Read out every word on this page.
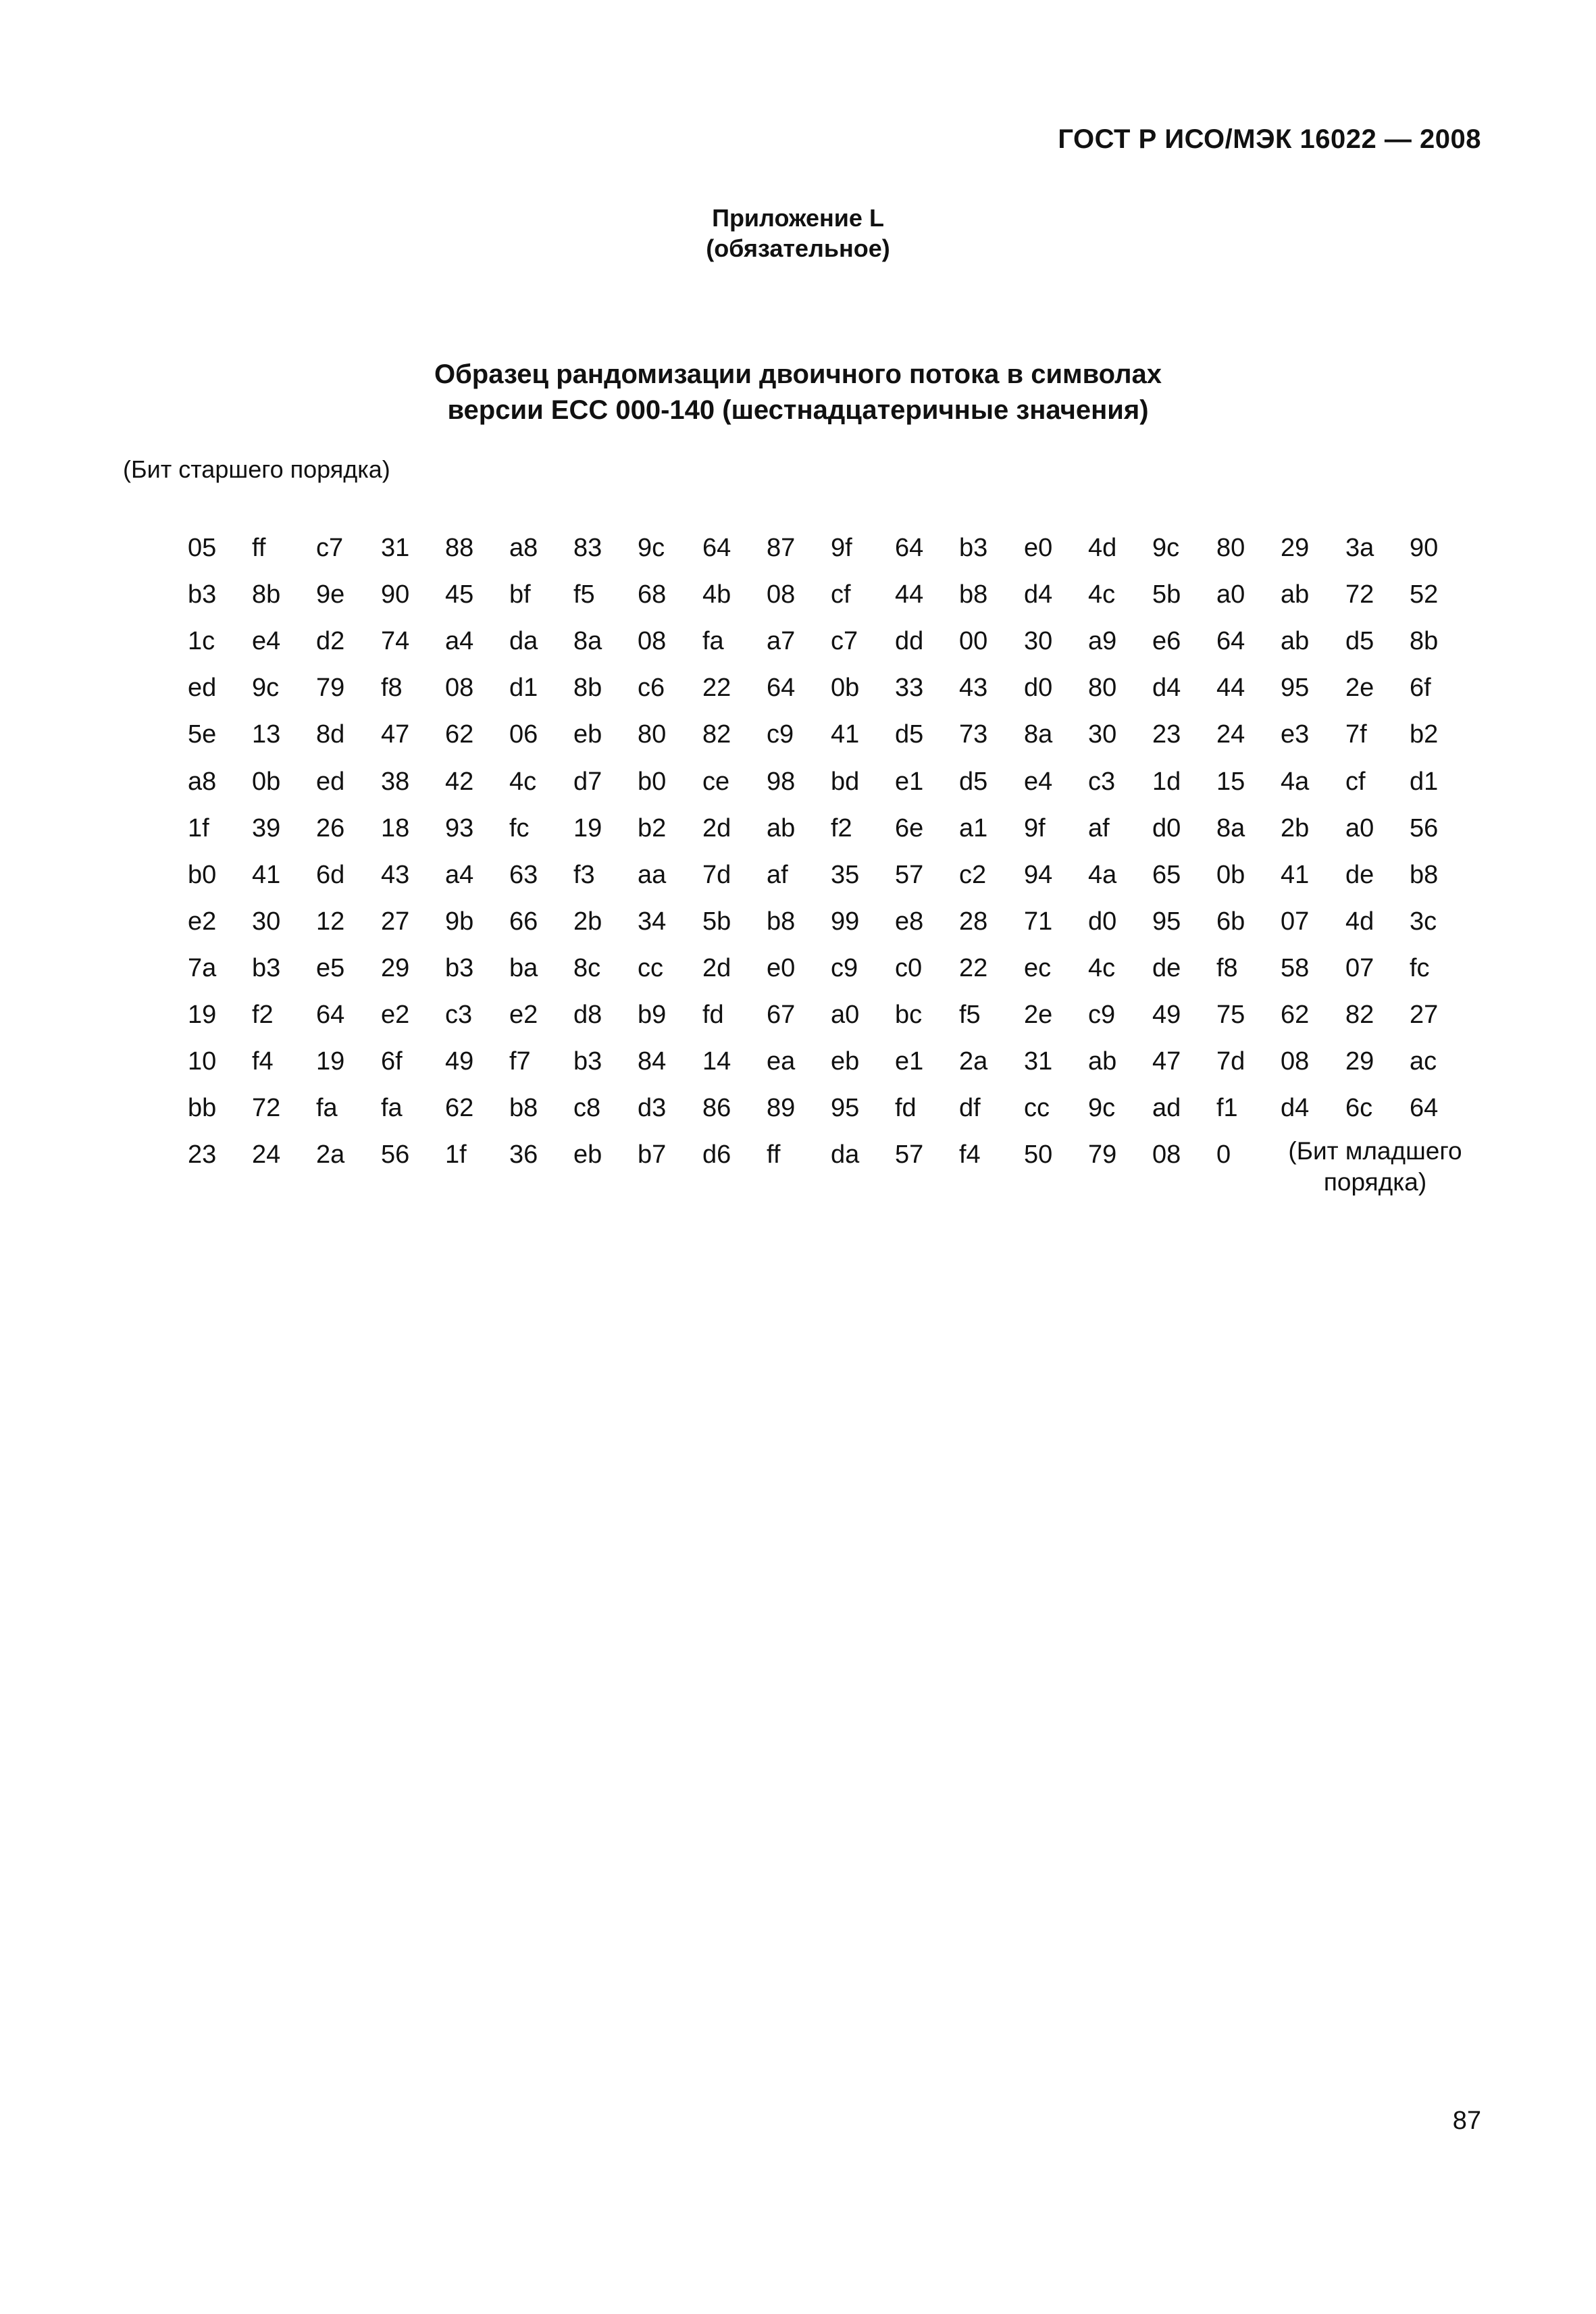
ГОСТ Р ИСО/МЭК 16022 — 2008
Приложение L
(обязательное)
Образец рандомизации двоичного потока в символах
версии ЕСС 000-140 (шестнадцатеричные значения)
(Бит старшего порядка)
05 ff c7 31 88 a8 83 9c 64 87 9f 64 b3 e0 4d 9c 80 29 3a 90
b3 8b 9e 90 45 bf f5 68 4b 08 cf 44 b8 d4 4c 5b a0 ab 72 52
1c e4 d2 74 a4 da 8a 08 fa a7 c7 dd 00 30 a9 e6 64 ab d5 8b
ed 9c 79 f8 08 d1 8b c6 22 64 0b 33 43 d0 80 d4 44 95 2e 6f
5e 13 8d 47 62 06 eb 80 82 c9 41 d5 73 8a 30 23 24 e3 7f b2
a8 0b ed 38 42 4c d7 b0 ce 98 bd e1 d5 e4 c3 1d 15 4a cf d1
1f 39 26 18 93 fc 19 b2 2d ab f2 6e a1 9f af d0 8a 2b a0 56
b0 41 6d 43 a4 63 f3 aa 7d af 35 57 c2 94 4a 65 0b 41 de b8
e2 30 12 27 9b 66 2b 34 5b b8 99 e8 28 71 d0 95 6b 07 4d 3c
7a b3 e5 29 b3 ba 8c cc 2d e0 c9 c0 22 ec 4c de f8 58 07 fc
19 f2 64 e2 c3 e2 d8 b9 fd 67 a0 bc f5 2e c9 49 75 62 82 27
10 f4 19 6f 49 f7 b3 84 14 ea eb e1 2a 31 ab 47 7d 08 29 ac
bb 72 fa fa 62 b8 c8 d3 86 89 95 fd df cc 9c ad f1 d4 6c 64
23 24 2a 56 1f 36 eb b7 d6 ff da 57 f4 50 79 08 0	(Бит младшего
порядка)
87
